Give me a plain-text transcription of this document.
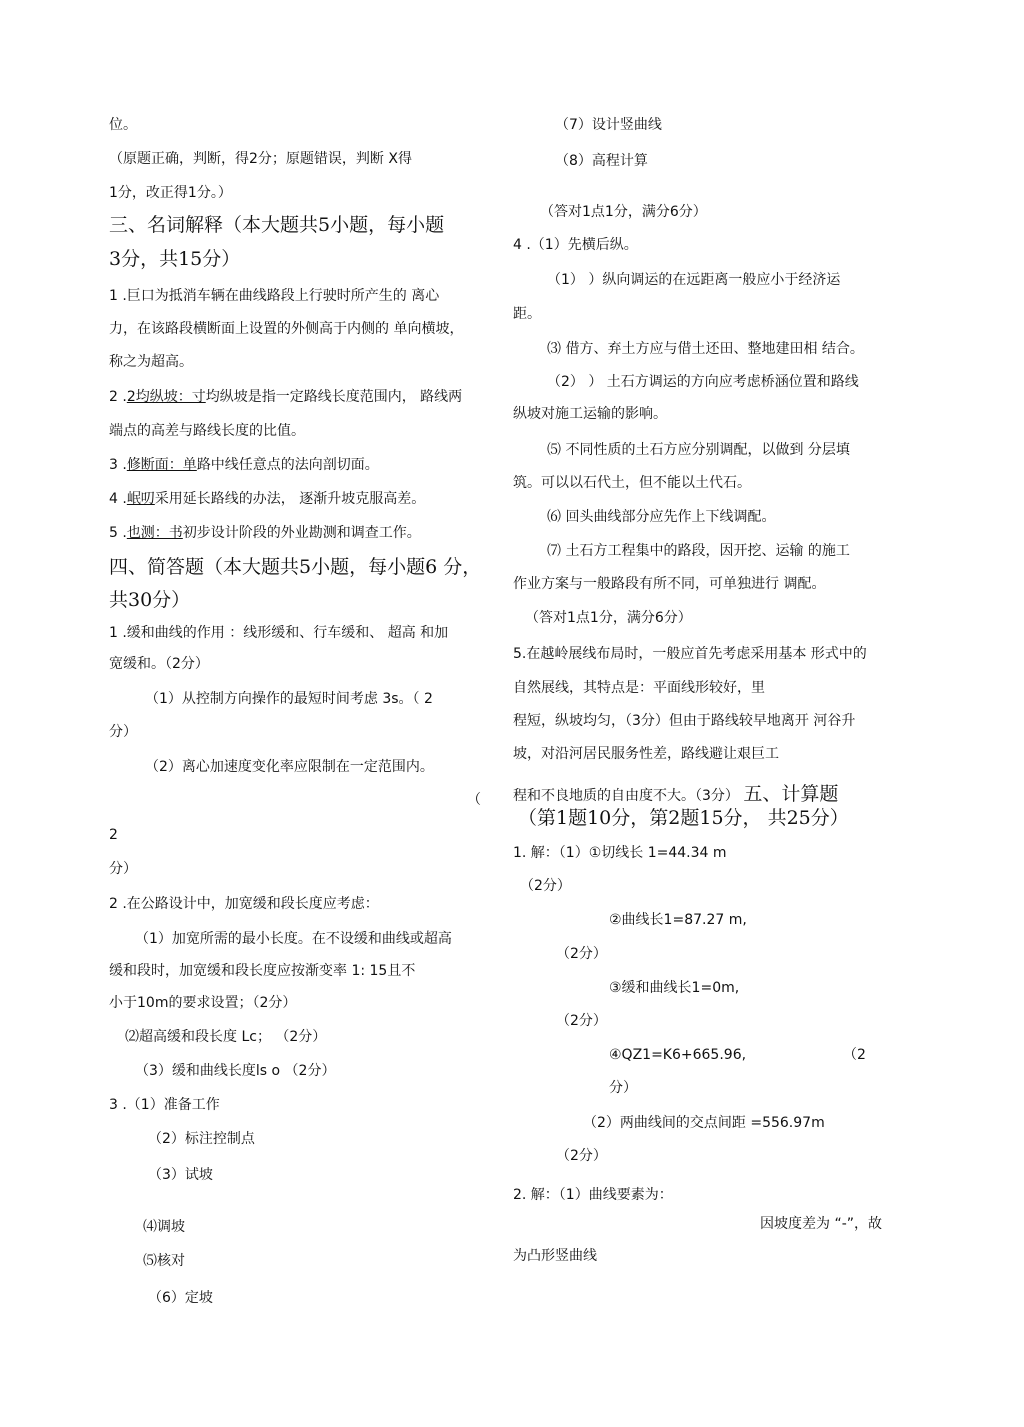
位。
（原题正确，判断，得2分；原题错误，判断 X得
1分，改正得1分。）
三、名词解释（本大题共5小题，每小题
3分，共15分）
1 .巨口为抵消车辆在曲线路段上行驶时所产生的 离心
力，在该路段横断面上设置的外侧高于内侧的 单向横坡，
称之为超高。
2 .2均纵坡：寸均纵坡是指一定路线长度范围内， 路线两
端点的高差与路线长度的比值。
3 .修断面：单路中线任意点的法向剖切面。
4 .岷叨采用延长路线的办法， 逐渐升坡克服高差。
5 .也测：书初步设计阶段的外业勘测和调查工作。
四、简答题（本大题共5小题，每小题6 分，
共30分）
1 .缓和曲线的作用 ：线形缓和、行车缓和、 超高 和加
宽缓和。（2分）
（1）从控制方向操作的最短时间考虑 3s。（ 2
分）
（2）离心加速度变化率应限制在一定范围内。
（
2
分）
2 .在公路设计中，加宽缓和段长度应考虑：
（1）加宽所需的最小长度。在不设缓和曲线或超高
缓和段时，加宽缓和段长度应按渐变率 1: 15且不
小于10m的要求设置；（2分）
⑵超高缓和段长度 Lc； （2分）
（3）缓和曲线长度ls o （2分）
3 .（1）准备工作
（2）标注控制点
（3）试坡
⑷调坡
⑸核对
（6）定坡
（7）设计竖曲线
（8）高程计算
（答对1点1分，满分6分）
4 .（1）先横后纵。
（1） ）纵向调运的在远距离一般应小于经济运
距。
⑶ 借方、弃土方应与借土还田、整地建田相 结合。
（2） ） 土石方调运的方向应考虑桥涵位置和路线
纵坡对施工运输的影响。
⑸ 不同性质的土石方应分别调配，以做到 分层填
筑。可以以石代土，但不能以土代石。
⑹ 回头曲线部分应先作上下线调配。
⑺ 土石方工程集中的路段，因开挖、运输 的施工
作业方案与一般路段有所不同，可单独进行 调配。
（答对1点1分，满分6分）
5.在越岭展线布局时，一般应首先考虑采用基本 形式中的
自然展线，其特点是：平面线形较好，里
程短，纵坡均匀，（3分）但由于路线较早地离开 河谷升
坡，对沿河居民服务性差，路线避让艰巨工
程和不良地质的自由度不大。（3分） 五、计算题
（第1题10分，第2题15分， 共25分）
1. 解：（1）①切线长 1=44.34 m
（2分）
②曲线长1=87.27 m,
（2分）
③缓和曲线长1=0m,
（2分）
④QZ1=K6+665.96,	（2
分）
（2）两曲线间的交点间距 =556.97m
（2分）
2. 解：（1）曲线要素为：
因坡度差为 “-”，故
为凸形竖曲线
